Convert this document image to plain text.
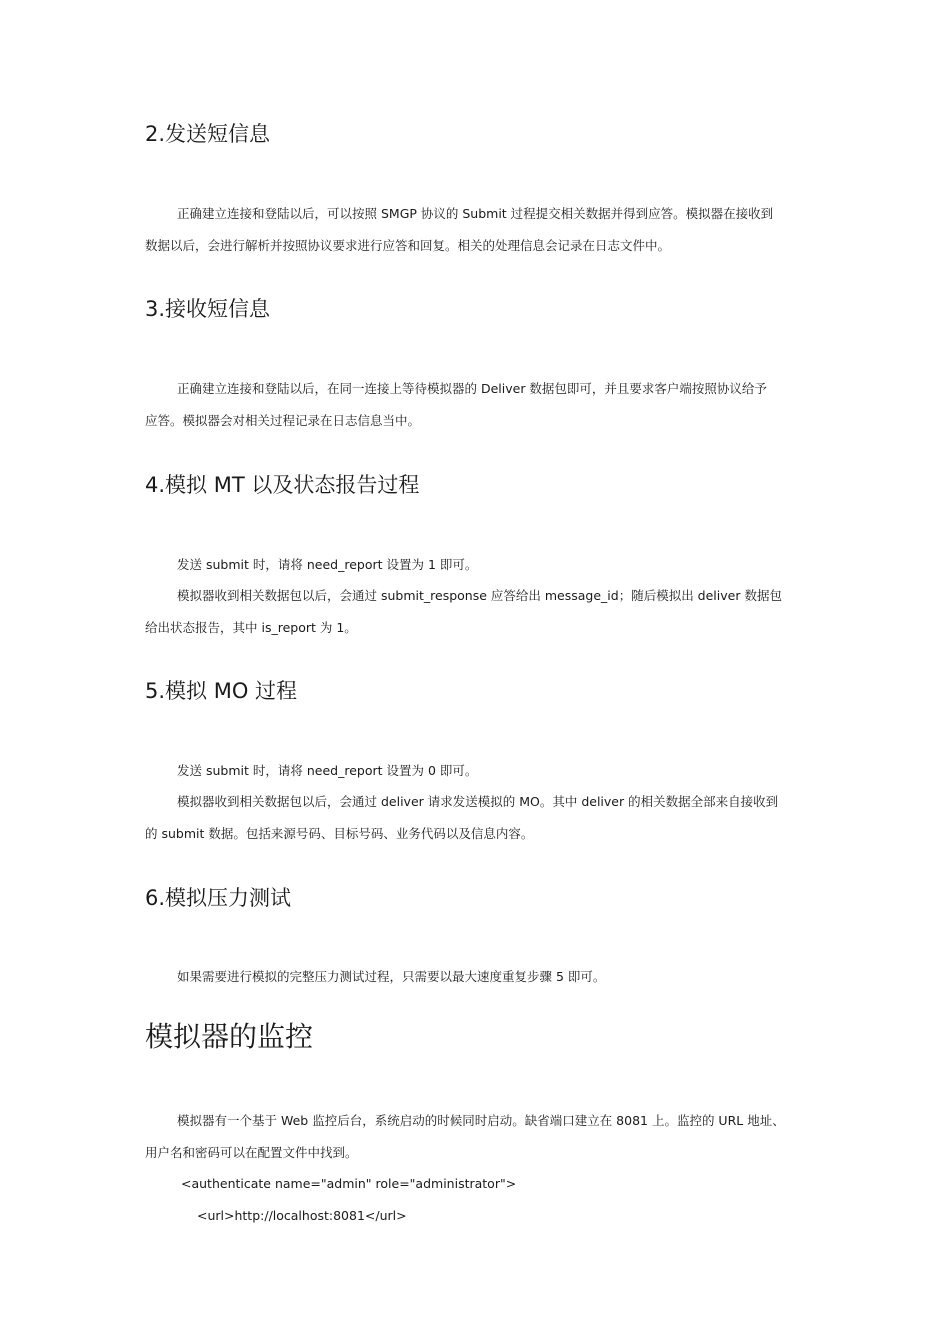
2.发送短信息
正确建立连接和登陆以后，可以按照 SMGP 协议的 Submit 过程提交相关数据并得到应答。模拟器在接收到
数据以后，会进行解析并按照协议要求进行应答和回复。相关的处理信息会记录在日志文件中。
3.接收短信息
正确建立连接和登陆以后，在同一连接上等待模拟器的 Deliver 数据包即可，并且要求客户端按照协议给予
应答。模拟器会对相关过程记录在日志信息当中。
4.模拟 MT 以及状态报告过程
发送 submit 时，请将 need_report 设置为 1 即可。
模拟器收到相关数据包以后，会通过 submit_response 应答给出 message_id；随后模拟出 deliver 数据包
给出状态报告，其中 is_report 为 1。
5.模拟 MO 过程
发送 submit 时，请将 need_report 设置为 0 即可。
模拟器收到相关数据包以后，会通过 deliver 请求发送模拟的 MO。其中 deliver 的相关数据全部来自接收到
的 submit 数据。包括来源号码、目标号码、业务代码以及信息内容。
6.模拟压力测试
如果需要进行模拟的完整压力测试过程，只需要以最大速度重复步骤 5 即可。
模拟器的监控
模拟器有一个基于 Web 监控后台，系统启动的时候同时启动。缺省端口建立在 8081 上。监控的 URL 地址、
用户名和密码可以在配置文件中找到。
<authenticate name="admin" role="administrator">
<url>http://localhost:8081</url>
